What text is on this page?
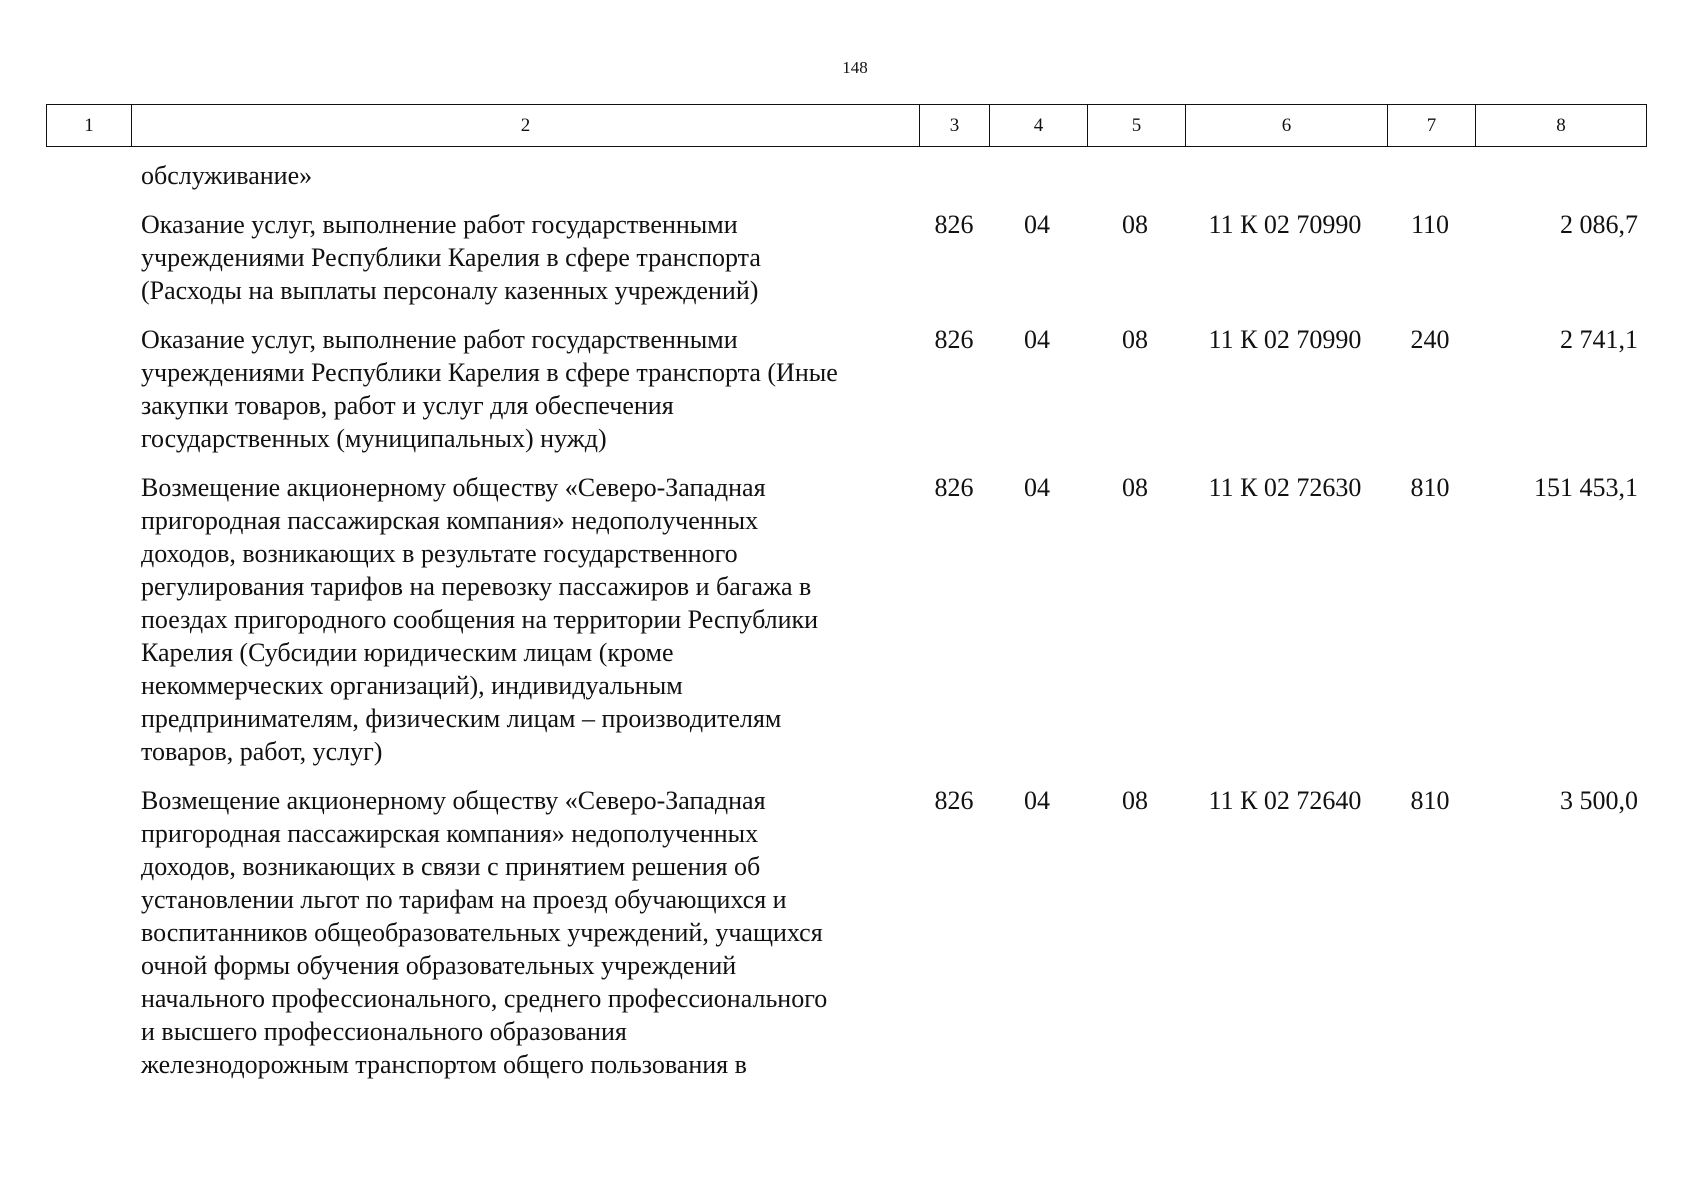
148
1	2	3	4	5	6	7	8
обслуживание»
Оказание услуг, выполнение работ государственными
учреждениями Республики Карелия в сфере транспорта
(Расходы на выплаты персоналу казенных учреждений)
826	04	08	11 К 02 70990	110	2 086,7
Оказание услуг, выполнение работ государственными
учреждениями Республики Карелия в сфере транспорта (Иные
закупки товаров, работ и услуг для обеспечения
государственных (муниципальных) нужд)
826	04	08	11 К 02 70990	240	2 741,1
Возмещение акционерному обществу «Северо-Западная
пригородная пассажирская компания» недополученных
доходов, возникающих в результате государственного
регулирования тарифов на перевозку пассажиров и багажа в
поездах пригородного сообщения на территории Республики
Карелия (Субсидии юридическим лицам (кроме
некоммерческих организаций), индивидуальным
предпринимателям, физическим лицам – производителям
товаров, работ, услуг)
826	04	08	11 К 02 72630	810	151 453,1
Возмещение акционерному обществу «Северо-Западная
пригородная пассажирская компания» недополученных
доходов, возникающих в связи с принятием решения об
установлении льгот по тарифам на проезд обучающихся и
воспитанников общеобразовательных учреждений, учащихся
очной формы обучения образовательных учреждений
начального профессионального, среднего профессионального
и высшего профессионального образования
железнодорожным транспортом общего пользования в
826	04	08	11 К 02 72640	810	3 500,0
